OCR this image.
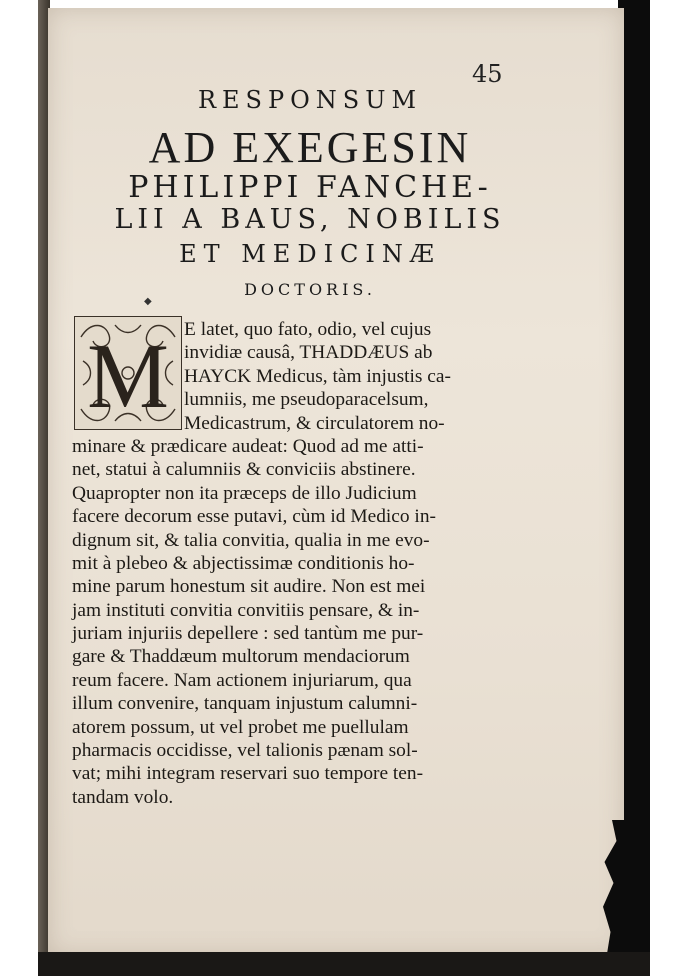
45
RESPONSUM
AD EXEGESIN
PHILIPPI FANCHE-
LII A BAUS, NOBILIS
ET MEDICINÆ
DOCTORIS.
◆
M E latet, quo fato, odio, vel cujus
invidiæ causâ, THADDÆUS ab
HAYCK Medicus, tàm injustis ca-
lumniis, me pseudoparacelsum,
Medicastrum, & circulatorem no-
minare & prædicare audeat: Quod ad me atti-
net, statui à calumniis & conviciis abstinere.
Quapropter non ita præceps de illo Judicium
facere decorum esse putavi, cùm id Medico in-
dignum sit, & talia convitia, qualia in me evo-
mit à plebeo & abjectissimæ conditionis ho-
mine parum honestum sit audire. Non est mei
jam instituti convitia convitiis pensare, & in-
juriam injuriis depellere : sed tantùm me pur-
gare & Thaddæum multorum mendaciorum
reum facere. Nam actionem injuriarum, qua
illum convenire, tanquam injustum calumni-
atorem possum, ut vel probet me puellulam
pharmacis occidisse, vel talionis pænam sol-
vat; mihi integram reservari suo tempore ten-
tandam volo.
